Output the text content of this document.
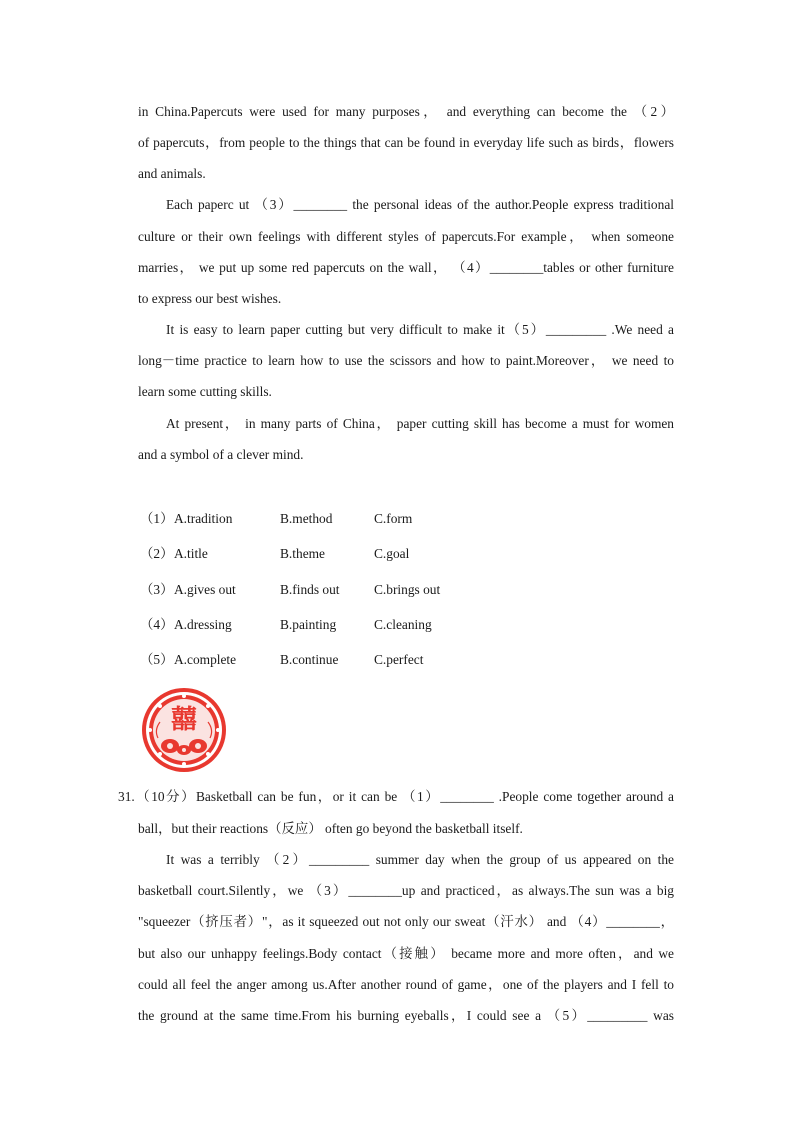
in China.Papercuts were used for many purposes， and everything can become the （2）
of papercuts，from people to the things that can be found in everyday life such as birds，flowers
and animals.
Each paperc ut （3）________ the personal ideas of the author.People express traditional
culture or their own feelings with different styles of papercuts.For example， when someone
marries， we put up some red papercuts on the wall， （4）________tables or other furniture
to express our best wishes.
It is easy to learn paper cutting but very difficult to make it（5）_________ .We need a
long－time practice to learn how to use the scissors and how to paint.Moreover， we need to
learn some cutting skills.
At present， in many parts of China， paper cutting skill has become a must for women
and a symbol of a clever mind.
（1） A.tradition	B.method	C.form
（2） A.title	B.theme	C.goal
（3） A.gives out	B.finds out	C.brings out
（4） A.dressing	B.painting	C.cleaning
（5） A.complete	B.continue	C.perfect
囍
31.（10分）Basketball can be fun，or it can be （1）________ .People come together around a
ball，but their reactions（反应） often go beyond the basketball itself.
It was a terribly （2）_________ summer day when the group of us appeared on the
basketball court.Silently，we （3）________up and practiced，as always.The sun was a big
"squeezer（挤压者）"，as it squeezed out not only our sweat（汗水） and （4）________，
but also our unhappy feelings.Body contact（接触） became more and more often，and we
could all feel the anger among us.After another round of game，one of the players and I fell to
the ground at the same time.From his burning eyeballs，I could see a （5）_________ was
